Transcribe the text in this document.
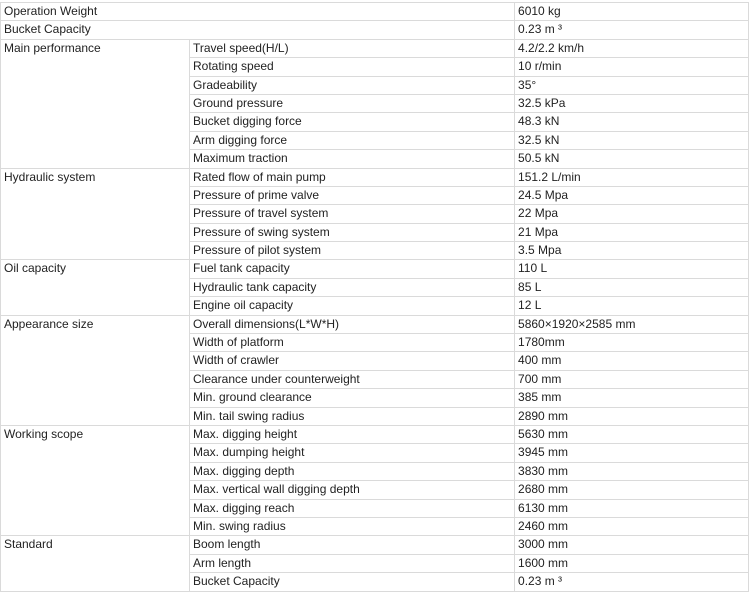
Operation Weight		6010 kg
Bucket Capacity		0.23 m ³
Main performance	Travel speed(H/L)	4.2/2.2 km/h
	Rotating speed	10 r/min
	Gradeability	35°
	Ground pressure	32.5 kPa
	Bucket digging force	48.3 kN
	Arm digging force	32.5 kN
	Maximum traction	50.5 kN
Hydraulic system	Rated flow of main pump	151.2 L/min
	Pressure of prime valve	24.5 Mpa
	Pressure of travel system	22 Mpa
	Pressure of swing system	21 Mpa
	Pressure of pilot system	3.5 Mpa
Oil capacity	Fuel tank capacity	110 L
	Hydraulic tank capacity	85 L
	Engine oil capacity	12 L
Appearance size	Overall dimensions(L*W*H)	5860×1920×2585 mm
	Width of platform	1780mm
	Width of crawler	400 mm
	Clearance under counterweight	700 mm
	Min. ground clearance	385 mm
	Min. tail swing radius	2890 mm
Working scope	Max. digging height	5630 mm
	Max. dumping height	3945 mm
	Max. digging depth	3830 mm
	Max. vertical wall digging depth	2680 mm
	Max. digging reach	6130 mm
	Min. swing radius	2460 mm
Standard	Boom length	3000 mm
	Arm length	1600 mm
	Bucket Capacity	0.23 m ³
